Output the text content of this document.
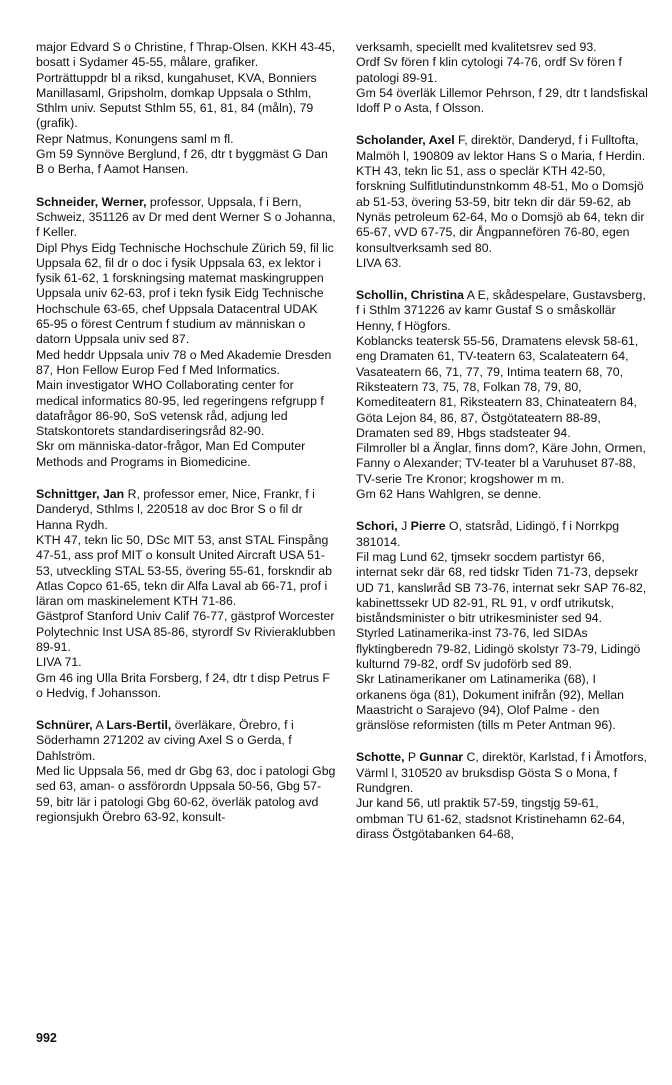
major Edvard S o Christine, f Thrap-Olsen. KKH 43-45, bosatt i Sydamer 45-55, målare, grafiker.

Porträttuppdr bl a riksd, kungahuset, KVA, Bonniers Manillasaml, Gripsholm, domkap Uppsala o Sthlm, Sthlm univ. Seputst Sthlm 55, 61, 81, 84 (måln), 79 (grafik).

Repr Natmus, Konungens saml m fl.

Gm 59 Synnöve Berglund, f 26, dtr t byggmäst G Dan B o Berha, f Aamot Hansen.

Schneider, Werner, professor, Uppsala, f i Bern, Schweiz, 351126 av Dr med dent Werner S o Johanna, f Keller.

Dipl Phys Eidg Technische Hochschule Zürich 59, fil lic Uppsala 62, fil dr o doc i fysik Uppsala 63, ex lektor i fysik 61-62, 1 forskningsing matemat maskingruppen Uppsala univ 62-63, prof i tekn fysik Eidg Technische Hochschule 63-65, chef Uppsala Datacentral UDAK 65-95 o förest Centrum f studium av människan o datorn Uppsala univ sed 87.

Med heddr Uppsala univ 78 o Med Akademie Dresden 87, Hon Fellow Europ Fed f Med Informatics.

Main investigator WHO Collaborating center for medical informatics 80-95, led regeringens refgrupp f datafrågor 86-90, SoS vetensk råd, adjung led Statskontorets standardiseringsråd 82-90.

Skr om människa-dator-frågor, Man Ed Computer Methods and Programs in Biomedicine.

Schnittger, Jan R, professor emer, Nice, Frankr, f i Danderyd, Sthlms l, 220518 av doc Bror S o fil dr Hanna Rydh.

KTH 47, tekn lic 50, DSc MIT 53, anst STAL Finspång 47-51, ass prof MIT o konsult United Aircraft USA 51-53, utveckling STAL 53-55, övering 55-61, forskndir ab Atlas Copco 61-65, tekn dir Alfa Laval ab 66-71, prof i läran om maskinelement KTH 71-86.

Gästprof Stanford Univ Calif 76-77, gästprof Worcester Polytechnic Inst USA 85-86, styrordf Sv Rivieraklubben 89-91.

LIVA 71.

Gm 46 ing Ulla Brita Forsberg, f 24, dtr t disp Petrus F o Hedvig, f Johansson.

Schnürer, A Lars-Bertil, överläkare, Örebro, f i Söderhamn 271202 av civing Axel S o Gerda, f Dahlström.

Med lic Uppsala 56, med dr Gbg 63, doc i patologi Gbg sed 63, aman- o assförordn Uppsala 50-56, Gbg 57-59, bitr lär i patologi Gbg 60-62, överläk patolog avd regionsjukh Örebro 63-92, konsult-

verksamh, speciellt med kvalitetsrev sed 93.

Ordf Sv fören f klin cytologi 74-76, ordf Sv fören f patologi 89-91.

Gm 54 överläk Lillemor Pehrson, f 29, dtr t landsfiskal Idoff P o Asta, f Olsson.

Scholander, Axel F, direktör, Danderyd, f i Fulltofta, Malmöh l, 190809 av lektor Hans S o Maria, f Herdin.

KTH 43, tekn lic 51, ass o speclär KTH 42-50, forskning Sulfitlutindunstnkomm 48-51, Mo o Domsjö ab 51-53, övering 53-59, bitr tekn dir där 59-62, ab Nynäs petroleum 62-64, Mo o Domsjö ab 64, tekn dir 65-67, vVD 67-75, dir Ångpannefören 76-80, egen konsultverksamh sed 80.

LIVA 63.

Schollin, Christina A E, skådespelare, Gustavsberg, f i Sthlm 371226 av kamr Gustaf S o småskollär Henny, f Högfors.

Koblancks teatersk 55-56, Dramatens elevsk 58-61, eng Dramaten 61, TV-teatern 63, Scalateatern 64, Vasateatern 66, 71, 77, 79, Intima teatern 68, 70, Riksteatern 73, 75, 78, Folkan 78, 79, 80, Komediteatern 81, Riksteatern 83, Chinateatern 84, Göta Lejon 84, 86, 87, Östgötateatern 88-89, Dramaten sed 89, Hbgs stadsteater 94.

Filmroller bl a Änglar, finns dom?, Käre John, Ormen, Fanny o Alexander; TV-teater bl a Varuhuset 87-88, TV-serie Tre Kronor; krogshower m m.

Gm 62 Hans Wahlgren, se denne.

Schori, J Pierre O, statsråd, Lidingö, f i Norrkpg 381014.

Fil mag Lund 62, tjmsekr socdem partistyr 66, internat sekr där 68, red tidskr Tiden 71-73, depsekr UD 71, kanslиråd SB 73-76, internat sekr SAP 76-82, kabinettssekr UD 82-91, RL 91, v ordf utrikutsk, biståndsminister o bitr utrikesminister sed 94.

Styrled Latinamerika-inst 73-76, led SIDAs flyktingberedn 79-82, Lidingö skolstyr 73-79, Lidingö kulturnd 79-82, ordf Sv judoförb sed 89.

Skr Latinamerikaner om Latinamerika (68), I orkanens öga (81), Dokument inifrån (92), Mellan Maastricht o Sarajevo (94), Olof Palme - den gränslöse reformisten (tills m Peter Antman 96).

Schotte, P Gunnar C, direktör, Karlstad, f i Åmotfors, Värml l, 310520 av bruksdisp Gösta S o Mona, f Rundgren.

Jur kand 56, utl praktik 57-59, tingstjg 59-61, ombman TU 61-62, stadsnot Kristinehamn 62-64, dirass Östgötabanken 64-68,

992
